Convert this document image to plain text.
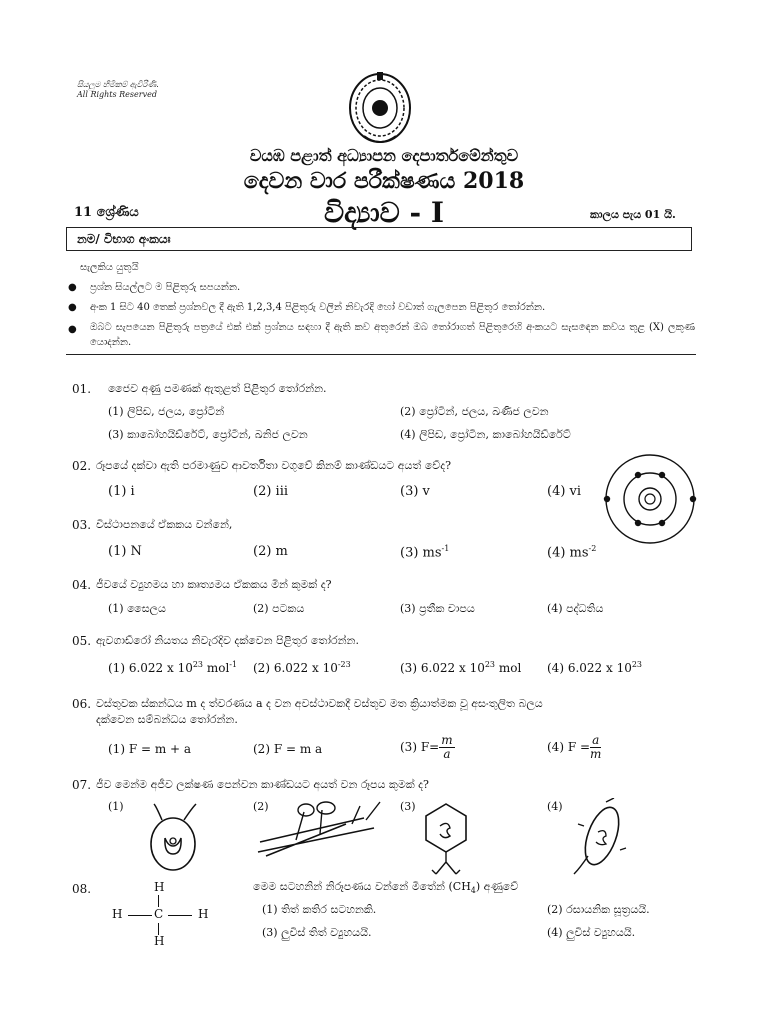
සියලුම හිමිකම් ඇවිරිණි.
All Rights Reserved
වයඹ පළාත් අධ්‍යාපන දෙපාර්තමේන්තුව
දෙවන වාර පරීක්ෂණය 2018
11 ශ්‍රේණිය	විද්‍යාව - I	කාලය පැය 01 යි.
නම/ විභාග අංකයඃ
සැලකිය යුතුයි
● ප්‍රශ්න සියල්ලට ම පිළිතුරු සපයන්න.
● අංක 1 සිට 40 තෙක් ප්‍රශ්නවල දී ඇති 1,2,3,4 පිළිතුරු වලින් නිවැරදි හෝ වඩාත් ගැලපෙන පිළිතුර තෝරන්න.
● ඔබට සැපයෙන පිළිතුරු පත්‍රයේ එක් එක් ප්‍රශ්නය සඳහා දී ඇති කව අතුරෙන් ඔබ තෝරාගත් පිළිතුරෙහි අංකයට සැසඳෙන කවය තුළ (X) ලකුණ යොදන්න.
01. ජෛව අණු පමණක් ඇතුළත් පිළිතුර තෝරන්න.
(1) ලිපිඩ, ජලය, ප්‍රෝටීන්	(2) ප්‍රෝටීන්, ජලය, ඛණිජ ලවන
(3) කාබෝහයිඩ්රේට්, ප්‍රෝටීන්, ඛනිජ ලවන	(4) ලිපිඩ, ප්‍රෝටීන, කාබෝහයිඩ්රේට්
02. රූපයේ දක්වා ඇති පරමාණුව ආවර්තිතා වගුවේ කිනම් කාණ්ඩයට අයත් වේද?
(1) i	(2) iii	(3) v	(4) vi
03. විස්ථාපනයේ ඒකකය වන්නේ,
(1) N	(2) m	(3) $ms^{-1}$	(4) $ms^{-2}$
04. ජීවයේ ව්‍යුහමය හා කෘත්‍යමය ඒකකය මින් කුමක් ද?
(1) සෛලය	(2) පටකය	(3) ප්‍රතීක චාපය	(4) පද්ධතිය
05. ඇවගාඩ්රෝ නියතය නිවැරදිව දක්වෙන පිළිතුර තෝරන්න.
(1) 6.022 x $10^{23}$ mol$^{-1}$ (2) 6.022 x $10^{-23}$	(3) 6.022 x $10^{23}$ mol (4) 6.022 x $10^{23}$
06. වස්තුවක ස්කන්ධය m ද ත්වරණය a ද වන අවස්ථාවකදී වස්තුව මත ක්‍රියාත්මක වූ අසංතුලිත බලය
දක්වෙන සම්බන්ධය තෝරන්න.
(1) F = m + a	(2) F = m a	(3) $F= \frac{m}{a}$	(4) $F = \frac{a}{m}$
07. ජීව මෙන්ම අජීව ලක්ෂණ පෙන්වන කාණ්ඩයට අයත් වන රූපය කුමක් ද?
(1)	(2)	(3)	(4)
08.	H
H	C	H
H
මෙම සටහනින් නිරූපණය වන්නේ මීතේන් $(CH_4)$ අණුවේ
(1) තිත් කතිර සටහනකි.	(2) රසායනික සූත්‍රයයි.
(3) ලුවිස් තිත් ව්‍යුහයයි.	(4) ලුවිස් ව්‍යුහයයි.
